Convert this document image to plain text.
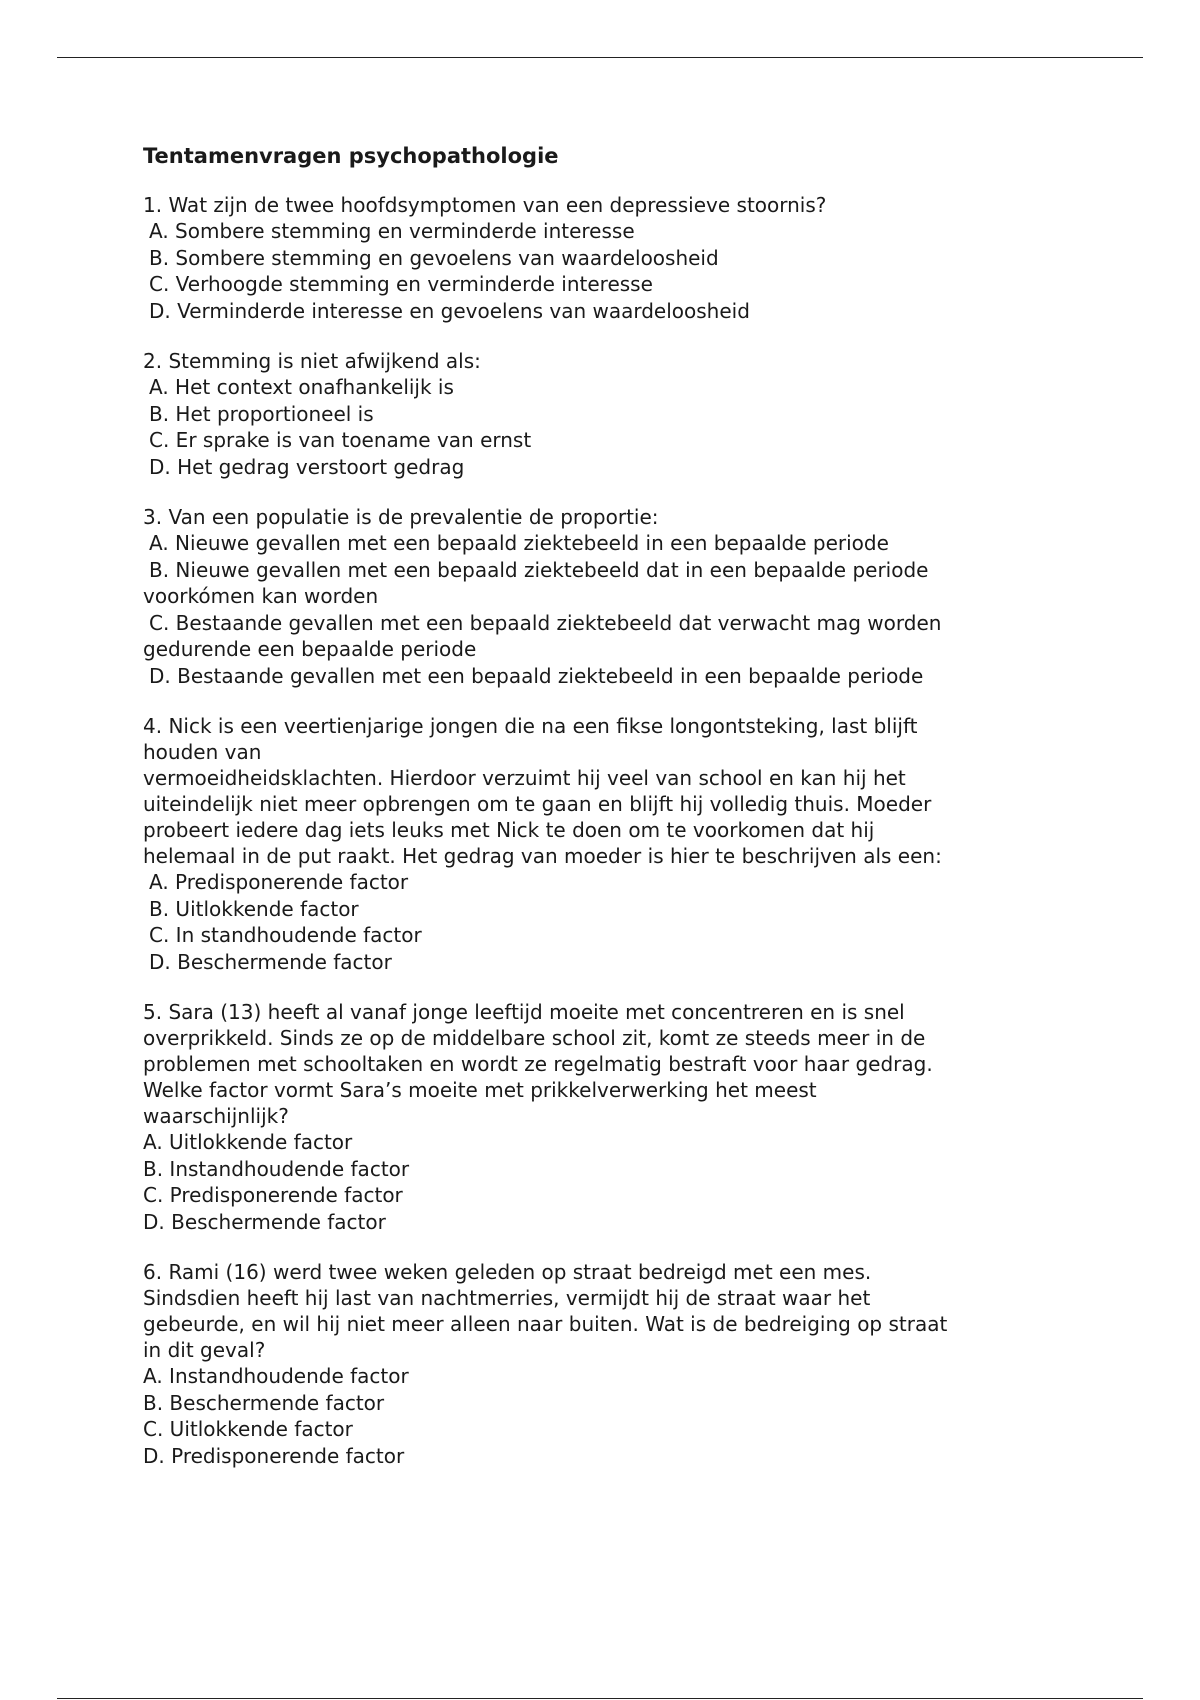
Tentamenvragen psychopathologie

1. Wat zijn de twee hoofdsymptomen van een depressieve stoornis?

A. Sombere stemming en verminderde interesse
B. Sombere stemming en gevoelens van waardeloosheid
C. Verhoogde stemming en verminderde interesse
D. Verminderde interesse en gevoelens van waardeloosheid

2. Stemming is niet afwijkend als:

A. Het context onafhankelijk is
B. Het proportioneel is
C. Er sprake is van toename van ernst
D. Het gedrag verstoort gedrag

3. Van een populatie is de prevalentie de proportie:

A. Nieuwe gevallen met een bepaald ziektebeeld in een bepaalde periode
B. Nieuwe gevallen met een bepaald ziektebeeld dat in een bepaalde periode
voorkómen kan worden
C. Bestaande gevallen met een bepaald ziektebeeld dat verwacht mag worden
gedurende een bepaalde periode
D. Bestaande gevallen met een bepaald ziektebeeld in een bepaalde periode

4. Nick is een veertienjarige jongen die na een fikse longontsteking, last blijft
houden van
vermoeidheidsklachten. Hierdoor verzuimt hij veel van school en kan hij het
uiteindelijk niet meer opbrengen om te gaan en blijft hij volledig thuis. Moeder
probeert iedere dag iets leuks met Nick te doen om te voorkomen dat hij
helemaal in de put raakt. Het gedrag van moeder is hier te beschrijven als een:

A. Predisponerende factor
B. Uitlokkende factor
C. In standhoudende factor
D. Beschermende factor

5. Sara (13) heeft al vanaf jonge leeftijd moeite met concentreren en is snel
overprikkeld. Sinds ze op de middelbare school zit, komt ze steeds meer in de
problemen met schooltaken en wordt ze regelmatig bestraft voor haar gedrag.
Welke factor vormt Sara’s moeite met prikkelverwerking het meest
waarschijnlijk?

A. Uitlokkende factor
B. Instandhoudende factor
C. Predisponerende factor
D. Beschermende factor

6. Rami (16) werd twee weken geleden op straat bedreigd met een mes.
Sindsdien heeft hij last van nachtmerries, vermijdt hij de straat waar het
gebeurde, en wil hij niet meer alleen naar buiten. Wat is de bedreiging op straat
in dit geval?

A. Instandhoudende factor
B. Beschermende factor
C. Uitlokkende factor
D. Predisponerende factor
